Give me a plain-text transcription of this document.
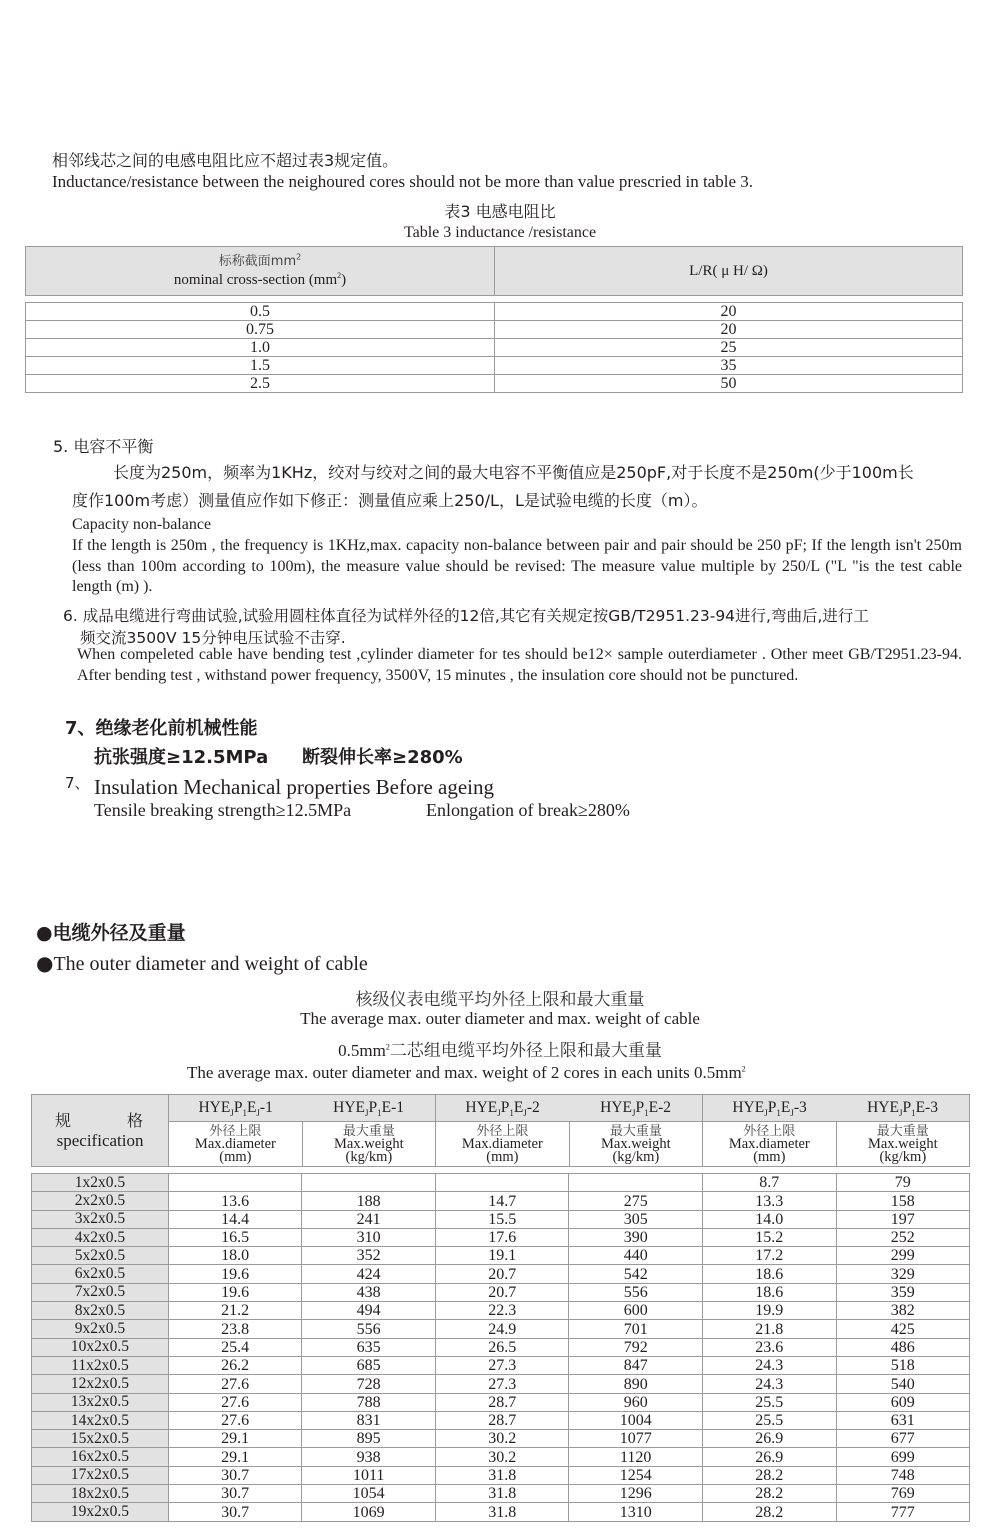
相邻线芯之间的电感电阻比应不超过表3规定值。
Inductance/resistance between the neighoured cores should not be more than value prescried in table 3.
表3 电感电阻比
Table 3 inductance /resistance
标称截面$mm^2$
nominal cross-section $(mm^2)$
	L/R( μ H/ Ω)
0.5	20
0.75	20
1.0	25
1.5	35
2.5	50
5. 电容不平衡
长度为250m，频率为1KHz，绞对与绞对之间的最大电容不平衡值应是250pF,对于长度不是250m(少于100m长
度作100m考虑）测量值应作如下修正：测量值应乘上250/L，L是试验电缆的长度（m）。
Capacity non-balance
If the length is 250m , the frequency is 1KHz,max. capacity non-balance between pair and pair should be 250 pF; If the length isn't 250m (less than 100m according to 100m), the measure value should be revised: The measure value multiple by 250/L ("L "is the test cable length (m) ).
6. 成品电缆进行弯曲试验,试验用圆柱体直径为试样外径的12倍,其它有关规定按GB/T2951.23-94进行,弯曲后,进行工
频交流3500V 15分钟电压试验不击穿.
When compeleted cable have bending test ,cylinder diameter for tes should be12× sample outerdiameter . Other meet GB/T2951.23-94. After bending test , withstand power frequency, 3500V, 15 minutes , the insulation core should not be punctured.
7、绝缘老化前机械性能
抗张强度≥12.5MPa 断裂伸长率≥280%
7、 Insulation Mechanical properties Before ageing
Tensile breaking strength≥12.5MPa	Enlongation of break≥280%
●电缆外径及重量
●The outer diameter and weight of cable
核级仪表电缆平均外径上限和最大重量
The average max. outer diameter and max. weight of cable
$0.5mm^2$二芯组电缆平均外径上限和最大重量
The average max. outer diameter and max. weight of 2 cores in each units $0.5mm^2$
规　　　格
specification	$HYE_JP_1E_J-1$	$HYE_JP_1E-1$	$HYE_JP_1E_J-2$	$HYE_JP_1E-2$	$HYE_JP_1E_J-3$	$HYE_JP_1E-3$

外径上限
Max.diameter
(mm)

最大重量
Max.weight
(kg/km)

外径上限
Max.diameter
(mm)

最大重量
Max.weight
(kg/km)

外径上限
Max.diameter
(mm)

最大重量
Max.weight
(kg/km)
1x2x0.5					8.7	79
2x2x0.5	13.6	188	14.7	275	13.3	158
3x2x0.5	14.4	241	15.5	305	14.0	197
4x2x0.5	16.5	310	17.6	390	15.2	252
5x2x0.5	18.0	352	19.1	440	17.2	299
6x2x0.5	19.6	424	20.7	542	18.6	329
7x2x0.5	19.6	438	20.7	556	18.6	359
8x2x0.5	21.2	494	22.3	600	19.9	382
9x2x0.5	23.8	556	24.9	701	21.8	425
10x2x0.5	25.4	635	26.5	792	23.6	486
11x2x0.5	26.2	685	27.3	847	24.3	518
12x2x0.5	27.6	728	27.3	890	24.3	540
13x2x0.5	27.6	788	28.7	960	25.5	609
14x2x0.5	27.6	831	28.7	1004	25.5	631
15x2x0.5	29.1	895	30.2	1077	26.9	677
16x2x0.5	29.1	938	30.2	1120	26.9	699
17x2x0.5	30.7	1011	31.8	1254	28.2	748
18x2x0.5	30.7	1054	31.8	1296	28.2	769
19x2x0.5	30.7	1069	31.8	1310	28.2	777
